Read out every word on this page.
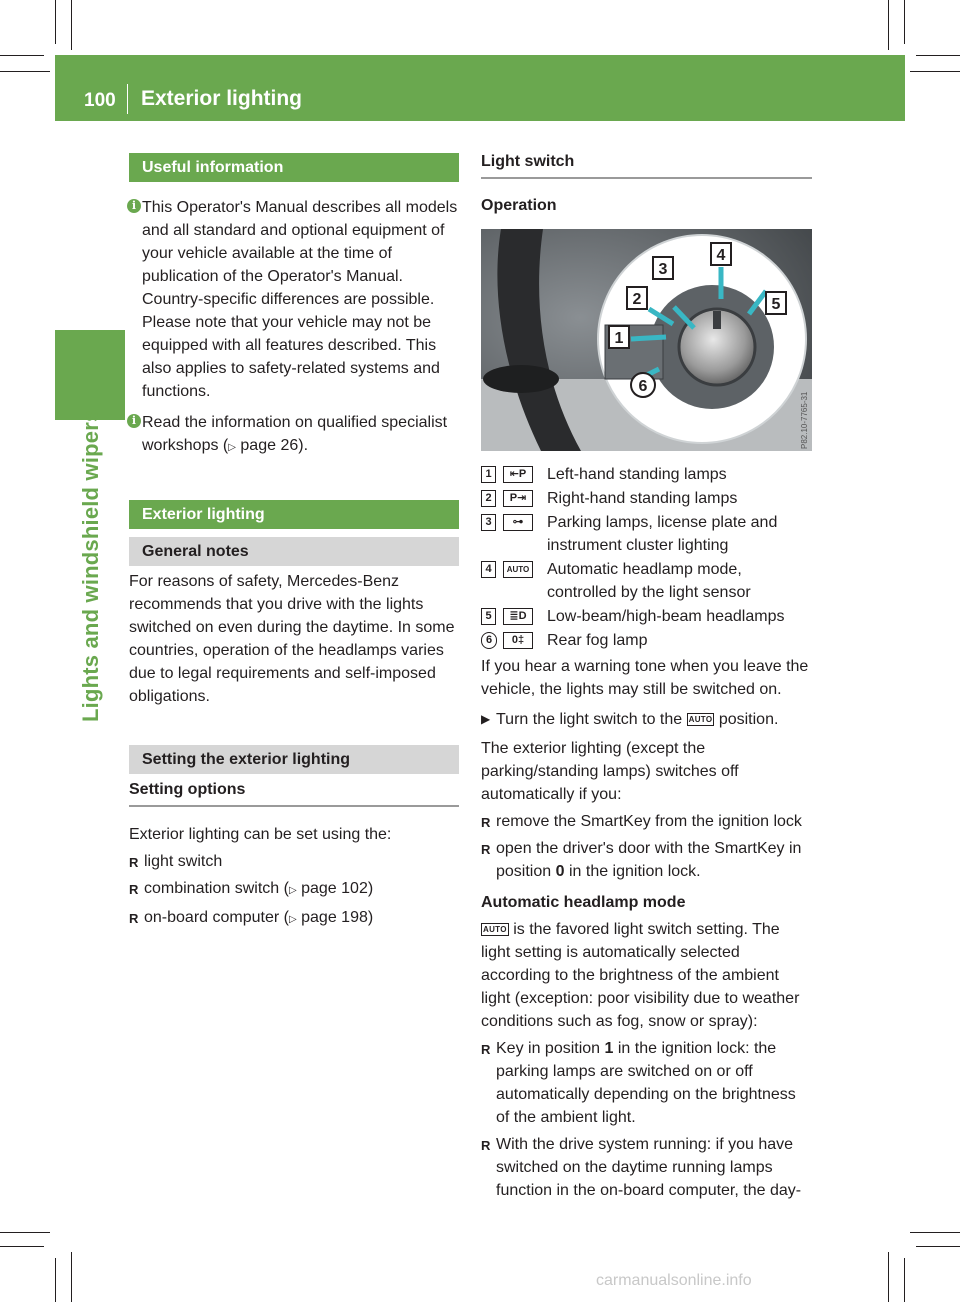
100 Exterior lighting
Lights and windshield wipers
Useful information
i This Operator's Manual describes all models and all standard and optional equipment of your vehicle available at the time of publication of the Operator's Manual. Country-specific differences are possible. Please note that your vehicle may not be equipped with all features described. This also applies to safety-related systems and functions.

i Read the information on qualified specialist workshops (▷ page 26).

Exterior lighting
General notes

For reasons of safety, Mercedes-Benz recommends that you drive with the lights switched on even during the daytime. In some countries, operation of the headlamps varies due to legal requirements and self-imposed obligations.

Setting the exterior lighting
Setting options

Exterior lighting can be set using the:

R light switch
R combination switch (▷ page 102)
R on-board computer (▷ page 198)
Light switch

Operation

1
2
3
4
5
6
P82.10-7765-31
1	⇤P	Left-hand standing lamps
2	P⇥	Right-hand standing lamps
3	⊶	Parking lamps, license plate and instrument cluster lighting
4	AUTO Automatic headlamp mode, controlled by the light sensor
5	≣D	Low-beam/high-beam headlamps
6	0‡	Rear fog lamp

If you hear a warning tone when you leave the vehicle, the lights may still be switched on.

▶ Turn the light switch to the AUTO position.

The exterior lighting (except the parking/standing lamps) switches off automatically if you:

R remove the SmartKey from the ignition lock
R open the driver's door with the SmartKey in position 0 in the ignition lock.

Automatic headlamp mode

AUTO is the favored light switch setting. The light setting is automatically selected according to the brightness of the ambient light (exception: poor visibility due to weather conditions such as fog, snow or spray):

R Key in position 1 in the ignition lock: the parking lamps are switched on or off automatically depending on the brightness of the ambient light.
R With the drive system running: if you have switched on the daytime running lamps function in the on-board computer, the day-
carmanualsonline.info
